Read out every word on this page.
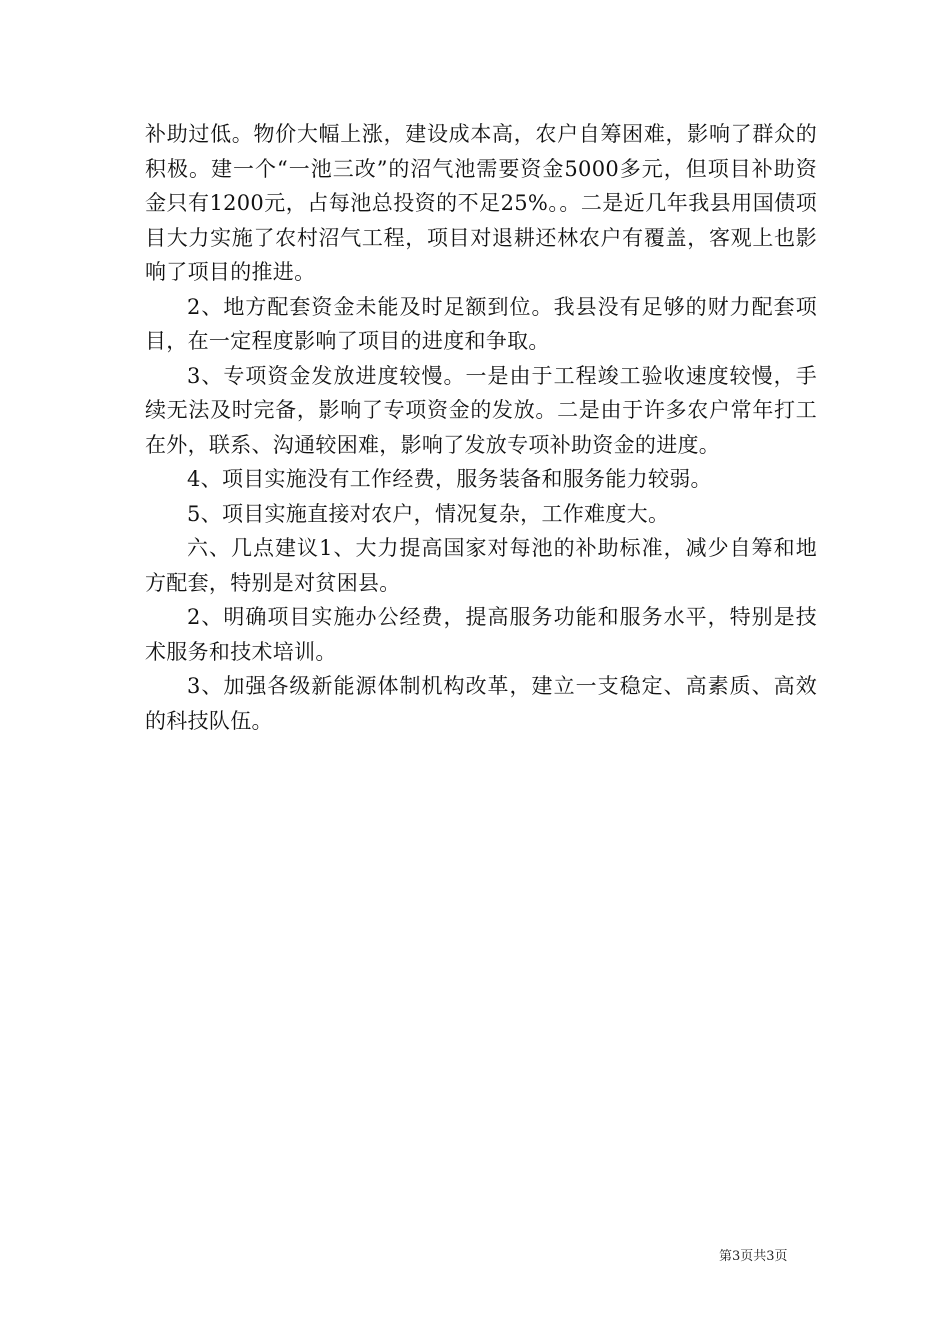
补助过低。物价大幅上涨，建设成本高，农户自筹困难，影响了群众的积极。建一个“一池三改”的沼气池需要资金5000多元，但项目补助资金只有1200元，占每池总投资的不足25%。。二是近几年我县用国债项目大力实施了农村沼气工程，项目对退耕还林农户有覆盖，客观上也影响了项目的推进。

2、地方配套资金未能及时足额到位。我县没有足够的财力配套项目，在一定程度影响了项目的进度和争取。

3、专项资金发放进度较慢。一是由于工程竣工验收速度较慢，手续无法及时完备，影响了专项资金的发放。二是由于许多农户常年打工在外，联系、沟通较困难，影响了发放专项补助资金的进度。

4、项目实施没有工作经费，服务装备和服务能力较弱。

5、项目实施直接对农户，情况复杂，工作难度大。

六、几点建议1、大力提高国家对每池的补助标准，减少自筹和地方配套，特别是对贫困县。

2、明确项目实施办公经费，提高服务功能和服务水平，特别是技术服务和技术培训。

3、加强各级新能源体制机构改革，建立一支稳定、高素质、高效的科技队伍。

第3页共3页
